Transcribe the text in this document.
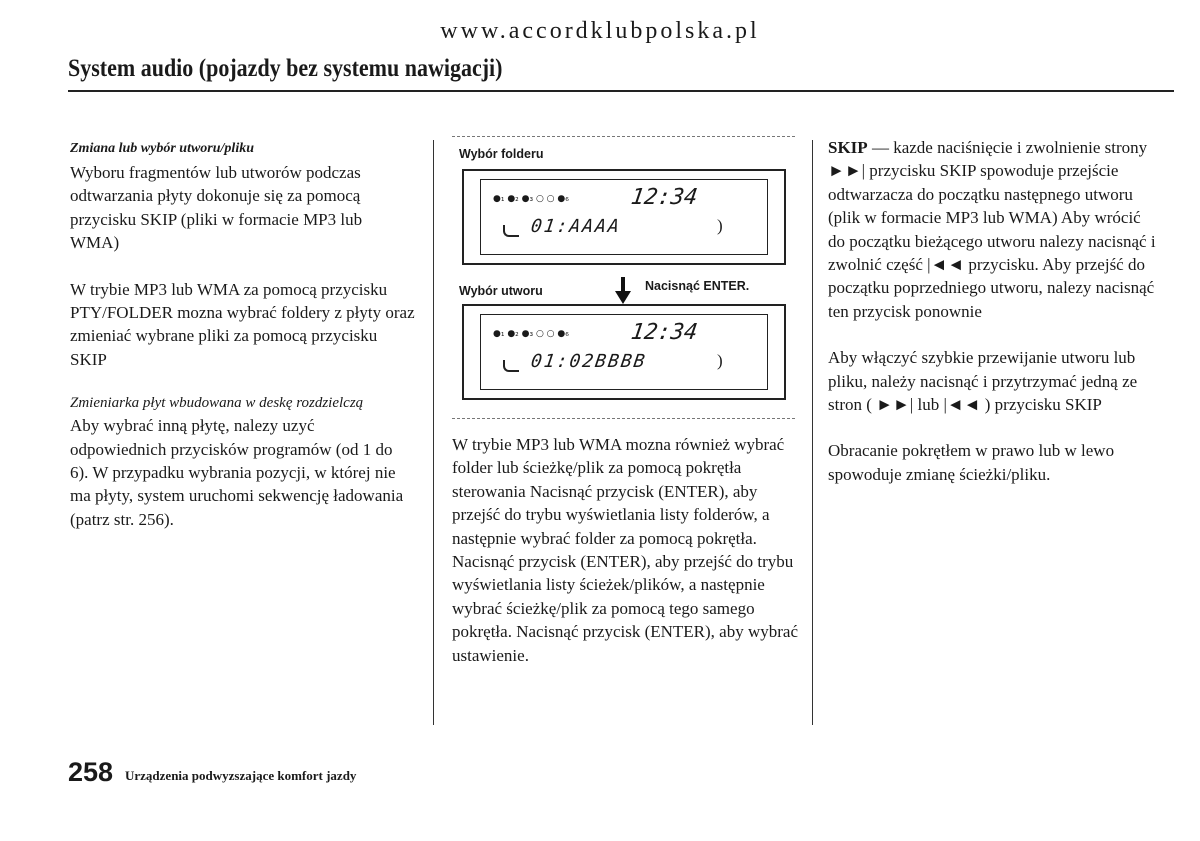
www.accordklubpolska.pl
System audio (pojazdy bez systemu nawigacji)
Zmiana lub wybór utworu/pliku

Wyboru fragmentów lub utworów podczas odtwarzania płyty dokonuje się za pomocą przycisku SKIP (pliki w formacie MP3 lub WMA)

W trybie MP3 lub WMA za pomocą przycisku PTY/FOLDER mozna wybrać foldery z płyty oraz zmieniać wybrane pliki za pomocą przycisku SKIP

Zmieniarka płyt wbudowana w deskę rozdzielczą

Aby wybrać inną płytę, nalezy uzyć odpowiednich przycisków programów (od 1 do 6). W przypadku wybrania pozycji, w której nie ma płyty, system uruchomi sekwencję ładowania (patrz str. 256).

Wybór folderu
●₁ ●₂ ●₃ ○ ○ ●₆	12:34
01:AAAA	)
Wybór utworu	Nacisnąć ENTER.
●₁ ●₂ ●₃ ○ ○ ●₆	12:34
01:02BBBB	)

W trybie MP3 lub WMA mozna również wybrać folder lub ścieżkę/plik za pomocą pokrętła sterowania Nacisnąć przycisk (ENTER), aby przejść do trybu wyświetlania listy folderów, a następnie wybrać folder za pomocą pokrętła. Nacisnąć przycisk (ENTER), aby przejść do trybu wyświetlania listy ścieżek/plików, a następnie wybrać ścieżkę/plik za pomocą tego samego pokrętła. Nacisnąć przycisk (ENTER), aby wybrać ustawienie.

SKIP — kazde naciśnięcie i zwolnienie strony ►►| przycisku SKIP spowoduje przejście odtwarzacza do początku następnego utworu (plik w formacie MP3 lub WMA) Aby wrócić do początku bieżącego utworu nalezy nacisnąć i zwolnić część |◄◄ przycisku. Aby przejść do początku poprzedniego utworu, nalezy nacisnąć ten przycisk ponownie

Aby włączyć szybkie przewijanie utworu lub pliku, należy nacisnąć i przytrzymać jedną ze stron ( ►►| lub |◄◄ ) przycisku SKIP

Obracanie pokrętłem w prawo lub w lewo spowoduje zmianę ścieżki/pliku.

258 Urządzenia podwyzszające komfort jazdy
